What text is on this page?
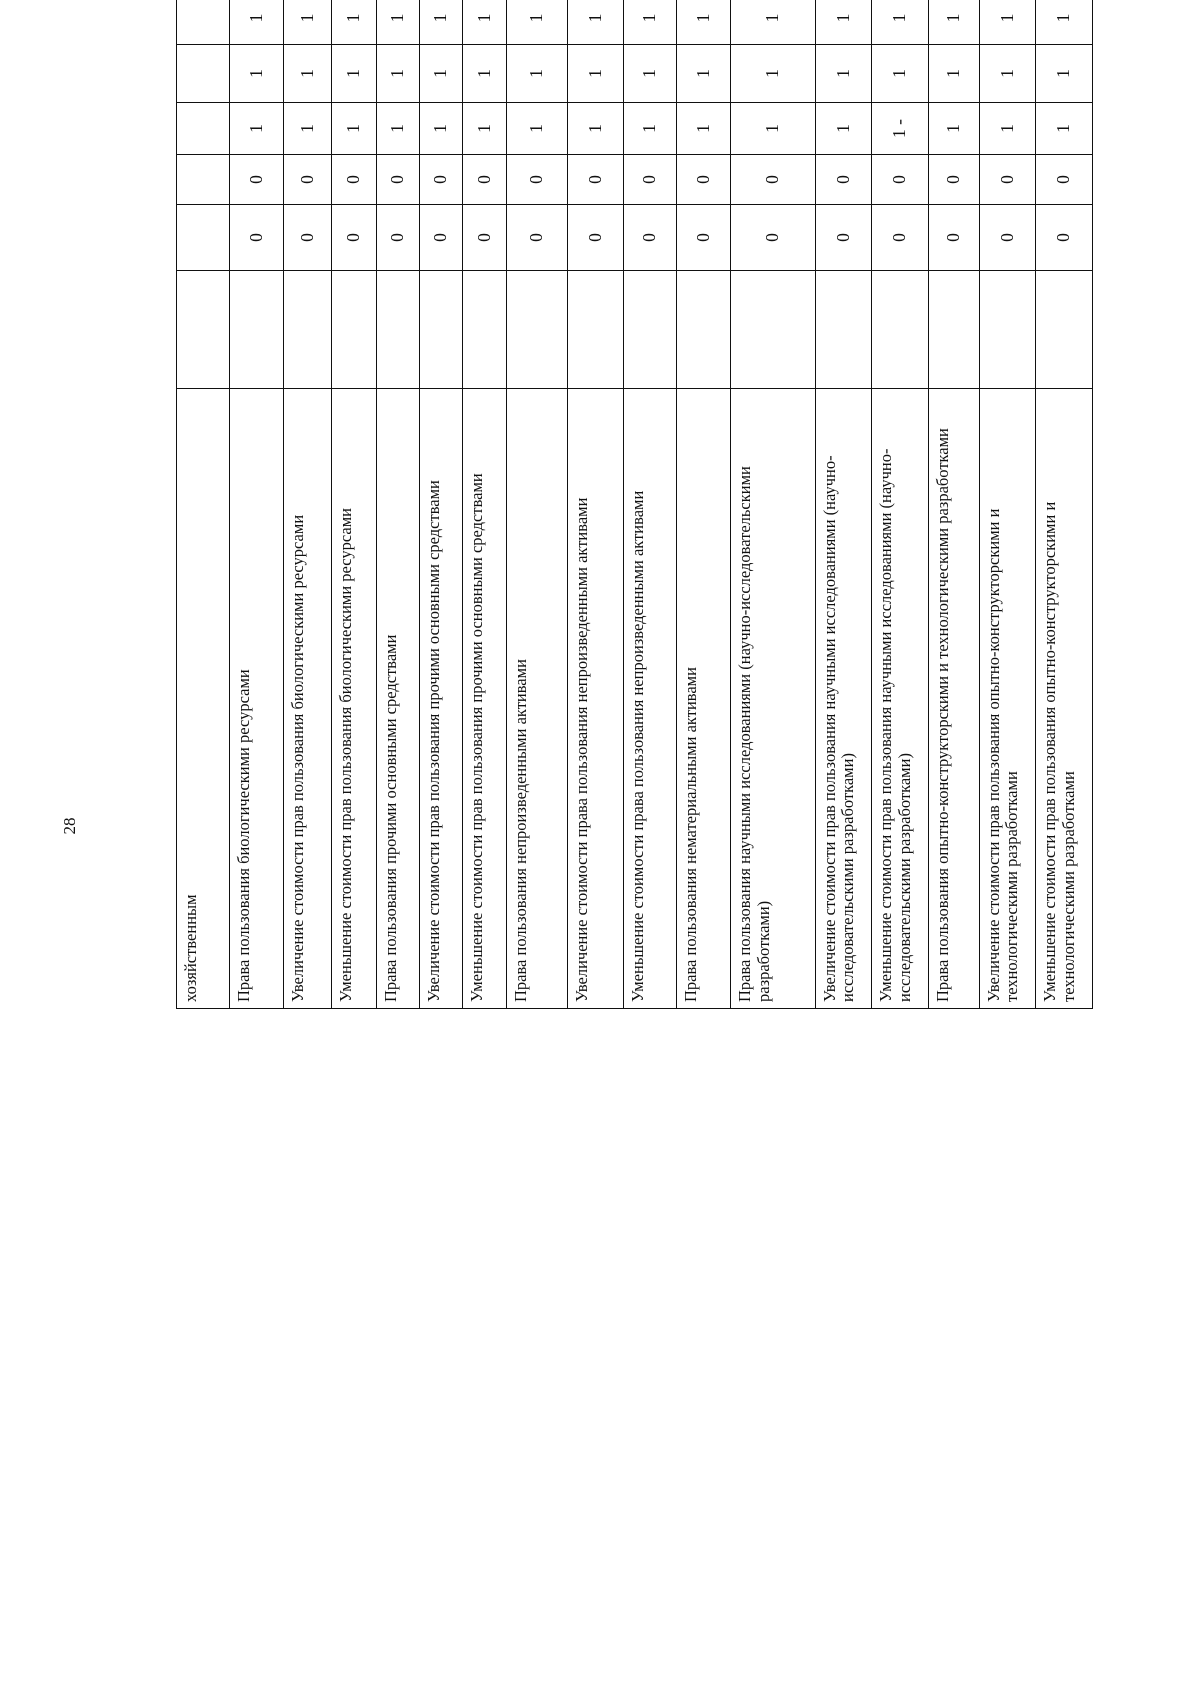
28
хозяйственным														
Права пользования биологическими ресурсами		0	0	1	1	1								
Увеличение стоимости прав пользования биологическими ресурсами		0	0	1	1	1								
Уменьшение стоимости прав пользования биологическими ресурсами		0	0	1	1	1								
Права пользования прочими основными средствами		0	0	1	1	1								
Увеличение стоимости прав пользования прочими основными средствами		0	0	1	1	1								
Уменьшение стоимости прав пользования прочими основными средствами		0	0	1	1	1								
Права пользования непроизведенными активами		0	0	1	1	1								
Увеличение стоимости права пользования непроизведенными активами		0	0	1	1	1								
Уменьшение стоимости права пользования непроизведенными активами		0	0	1	1	1								
Права пользования нематериальными активами		0	0	1	1	1								
Права пользования научными исследованиями (научно-исследовательскими разработками)		0	0	1	1	1								
Увеличение стоимости прав пользования научными исследованиями (научно-исследовательскими разработками)		0	0	1	1	1								
Уменьшение стоимости прав пользования научными исследованиями (научно-исследовательскими разработками)		0	0	1 -	1	1								
Права пользования опытно-конструкторскими и технологическими разработками		0	0	1	1	1								
Увеличение стоимости прав пользования опытно-конструкторскими и технологическими разработками		0	0	1	1	1								
Уменьшение стоимости прав пользования опытно-конструкторскими и технологическими разработками		0	0	1	1	1								
